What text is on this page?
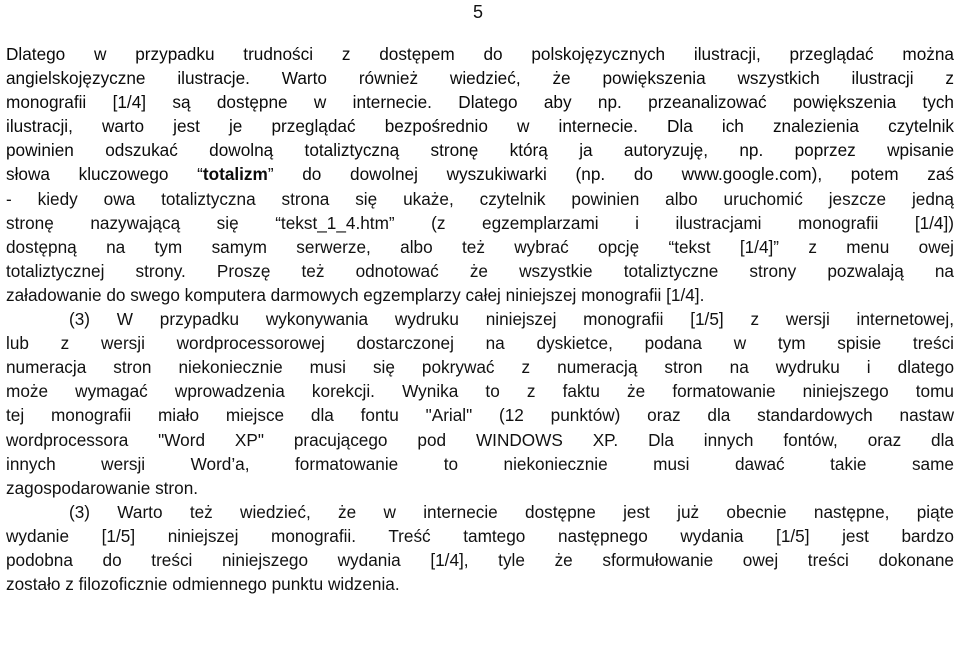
5
Dlatego w przypadku trudności z dostępem do polskojęzycznych ilustracji, przeglądać można
angielskojęzyczne ilustracje. Warto również wiedzieć, że powiększenia wszystkich ilustracji z
monografii [1/4] są dostępne w internecie. Dlatego aby np. przeanalizować powiększenia tych
ilustracji, warto jest je przeglądać bezpośrednio w internecie. Dla ich znalezienia czytelnik
powinien odszukać dowolną totaliztyczną stronę którą ja autoryzuję, np. poprzez wpisanie
słowa kluczowego “totalizm” do dowolnej wyszukiwarki (np. do www.google.com), potem zaś
- kiedy owa totaliztyczna strona się ukaże, czytelnik powinien albo uruchomić jeszcze jedną
stronę nazywającą się “tekst_1_4.htm” (z egzemplarzami i ilustracjami monografii [1/4])
dostępną na tym samym serwerze, albo też wybrać opcję “tekst [1/4]” z menu owej
totaliztycznej strony. Proszę też odnotować że wszystkie totaliztyczne strony pozwalają na
załadowanie do swego komputera darmowych egzemplarzy całej niniejszej monografii [1/4].
(3) W przypadku wykonywania wydruku niniejszej monografii [1/5] z wersji internetowej,
lub z wersji wordprocessorowej dostarczonej na dyskietce, podana w tym spisie treści
numeracja stron niekoniecznie musi się pokrywać z numeracją stron na wydruku i dlatego
może wymagać wprowadzenia korekcji. Wynika to z faktu że formatowanie niniejszego tomu
tej monografii miało miejsce dla fontu "Arial" (12 punktów) oraz dla standardowych nastaw
wordprocessora "Word XP" pracującego pod WINDOWS XP. Dla innych fontów, oraz dla
innych wersji Word’a, formatowanie to niekoniecznie musi dawać takie same
zagospodarowanie stron.
(3) Warto też wiedzieć, że w internecie dostępne jest już obecnie następne, piąte
wydanie [1/5] niniejszej monografii. Treść tamtego następnego wydania [1/5] jest bardzo
podobna do treści niniejszego wydania [1/4], tyle że sformułowanie owej treści dokonane
zostało z filozoficznie odmiennego punktu widzenia.
